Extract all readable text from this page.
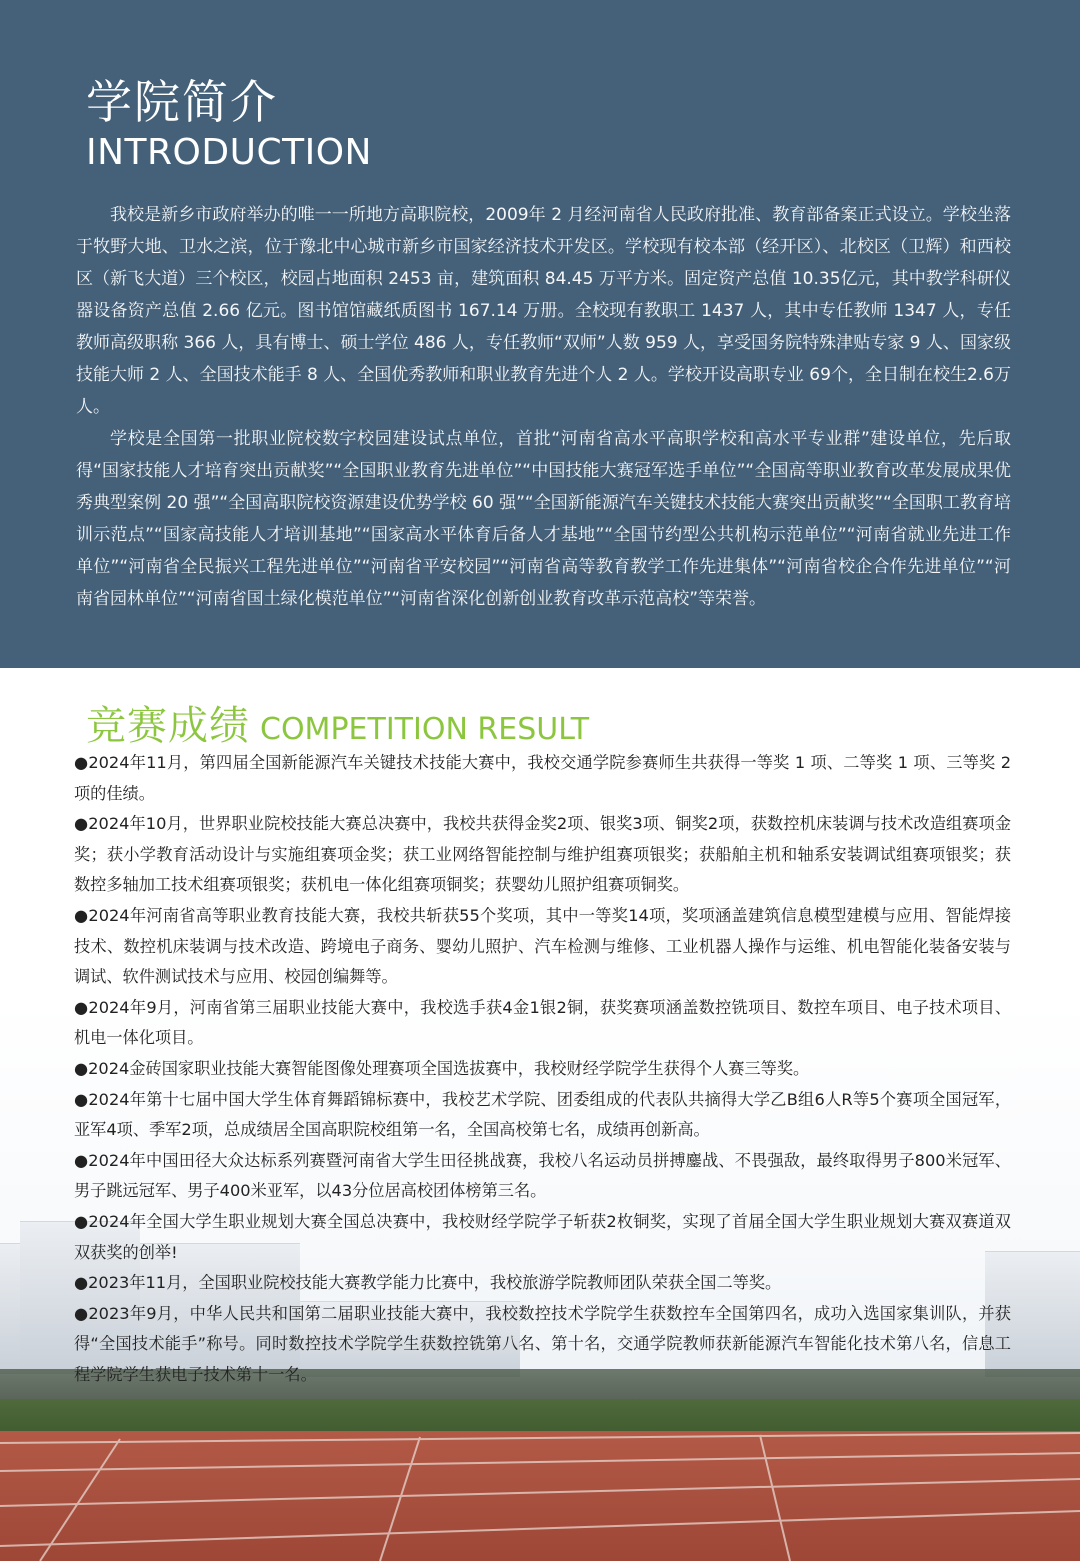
学院简介
INTRODUCTION

我校是新乡市政府举办的唯一一所地方高职院校，2009年 2 月经河南省人民政府批准、教育部备案正式设立。学校坐落于牧野大地、卫水之滨，位于豫北中心城市新乡市国家经济技术开发区。学校现有校本部（经开区）、北校区（卫辉）和西校区（新飞大道）三个校区，校园占地面积 2453 亩，建筑面积 84.45 万平方米。固定资产总值 10.35亿元，其中教学科研仪器设备资产总值 2.66 亿元。图书馆馆藏纸质图书 167.14 万册。全校现有教职工 1437 人，其中专任教师 1347 人，专任教师高级职称 366 人，具有博士、硕士学位 486 人，专任教师“双师”人数 959 人，享受国务院特殊津贴专家 9 人、国家级技能大师 2 人、全国技术能手 8 人、全国优秀教师和职业教育先进个人 2 人。学校开设高职专业 69个，全日制在校生2.6万人。

学校是全国第一批职业院校数字校园建设试点单位，首批“河南省高水平高职学校和高水平专业群”建设单位，先后取得“国家技能人才培育突出贡献奖”“全国职业教育先进单位”“中国技能大赛冠军选手单位”“全国高等职业教育改革发展成果优秀典型案例 20 强”“全国高职院校资源建设优势学校 60 强”“全国新能源汽车关键技术技能大赛突出贡献奖”“全国职工教育培训示范点”“国家高技能人才培训基地”“国家高水平体育后备人才基地”“全国节约型公共机构示范单位”“河南省就业先进工作单位”“河南省全民振兴工程先进单位”“河南省平安校园”“河南省高等教育教学工作先进集体”“河南省校企合作先进单位”“河南省园林单位”“河南省国土绿化模范单位”“河南省深化创新创业教育改革示范高校”等荣誉。

竞赛成绩 COMPETITION RESULT
●2024年11月，第四届全国新能源汽车关键技术技能大赛中，我校交通学院参赛师生共获得一等奖 1 项、二等奖 1 项、三等奖 2 项的佳绩。
●2024年10月，世界职业院校技能大赛总决赛中，我校共获得金奖2项、银奖3项、铜奖2项，获数控机床装调与技术改造组赛项金奖；获小学教育活动设计与实施组赛项金奖；获工业网络智能控制与维护组赛项银奖；获船舶主机和轴系安装调试组赛项银奖；获数控多轴加工技术组赛项银奖；获机电一体化组赛项铜奖；获婴幼儿照护组赛项铜奖。
●2024年河南省高等职业教育技能大赛，我校共斩获55个奖项，其中一等奖14项，奖项涵盖建筑信息模型建模与应用、智能焊接技术、数控机床装调与技术改造、跨境电子商务、婴幼儿照护、汽车检测与维修、工业机器人操作与运维、机电智能化装备安装与调试、软件测试技术与应用、校园创编舞等。
●2024年9月，河南省第三届职业技能大赛中，我校选手获4金1银2铜，获奖赛项涵盖数控铣项目、数控车项目、电子技术项目、机电一体化项目。
●2024金砖国家职业技能大赛智能图像处理赛项全国选拔赛中，我校财经学院学生获得个人赛三等奖。
●2024年第十七届中国大学生体育舞蹈锦标赛中，我校艺术学院、团委组成的代表队共摘得大学乙B组6人R等5个赛项全国冠军，亚军4项、季军2项，总成绩居全国高职院校组第一名，全国高校第七名，成绩再创新高。
●2024年中国田径大众达标系列赛暨河南省大学生田径挑战赛，我校八名运动员拼搏鏖战、不畏强敌，最终取得男子800米冠军、男子跳远冠军、男子400米亚军，以43分位居高校团体榜第三名。
●2024年全国大学生职业规划大赛全国总决赛中，我校财经学院学子斩获2枚铜奖，实现了首届全国大学生职业规划大赛双赛道双双获奖的创举!
●2023年11月，全国职业院校技能大赛教学能力比赛中，我校旅游学院教师团队荣获全国二等奖。
●2023年9月，中华人民共和国第二届职业技能大赛中，我校数控技术学院学生获数控车全国第四名，成功入选国家集训队，并获得“全国技术能手”称号。同时数控技术学院学生获数控铣第八名、第十名，交通学院教师获新能源汽车智能化技术第八名，信息工程学院学生获电子技术第十一名。
